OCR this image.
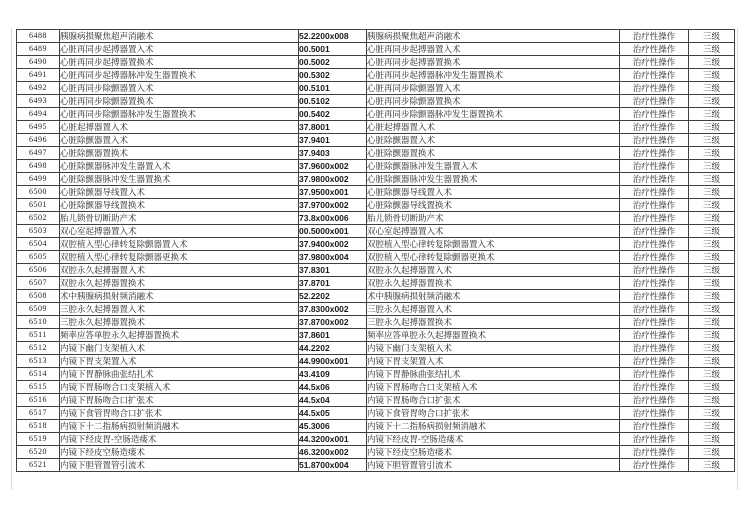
6488	胰腺病损聚焦超声消融术	52.2200x008	胰腺病损聚焦超声消融术	治疗性操作	三级
6489	心脏再同步起搏器置入术	00.5001	心脏再同步起搏器置入术	治疗性操作	三级
6490	心脏再同步起搏器置换术	00.5002	心脏再同步起搏器置换术	治疗性操作	三级
6491	心脏再同步起搏器脉冲发生器置换术	00.5302	心脏再同步起搏器脉冲发生器置换术	治疗性操作	三级
6492	心脏再同步除颤器置入术	00.5101	心脏再同步除颤器置入术	治疗性操作	三级
6493	心脏再同步除颤器置换术	00.5102	心脏再同步除颤器置换术	治疗性操作	三级
6494	心脏再同步除颤器脉冲发生器置换术	00.5402	心脏再同步除颤器脉冲发生器置换术	治疗性操作	三级
6495	心脏起搏器置入术	37.8001	心脏起搏器置入术	治疗性操作	三级
6496	心脏除颤器置入术	37.9401	心脏除颤器置入术	治疗性操作	三级
6497	心脏除颤器置换术	37.9403	心脏除颤器置换术	治疗性操作	三级
6498	心脏除颤器脉冲发生器置入术	37.9600x002	心脏除颤器脉冲发生器置入术	治疗性操作	三级
6499	心脏除颤器脉冲发生器置换术	37.9800x002	心脏除颤器脉冲发生器置换术	治疗性操作	三级
6500	心脏除颤器导线置入术	37.9500x001	心脏除颤器导线置入术	治疗性操作	三级
6501	心脏除颤器导线置换术	37.9700x002	心脏除颤器导线置换术	治疗性操作	三级
6502	胎儿锁骨切断助产术	73.8x00x006	胎儿锁骨切断助产术	治疗性操作	三级
6503	双心室起搏器置入术	00.5000x001	双心室起搏器置入术	治疗性操作	三级
6504	双腔植入型心律转复除颤器置入术	37.9400x002	双腔植入型心律转复除颤器置入术	治疗性操作	三级
6505	双腔植入型心律转复除颤器更换术	37.9800x004	双腔植入型心律转复除颤器更换术	治疗性操作	三级
6506	双腔永久起搏器置入术	37.8301	双腔永久起搏器置入术	治疗性操作	三级
6507	双腔永久起搏器置换术	37.8701	双腔永久起搏器置换术	治疗性操作	三级
6508	术中胰腺病损射频消融术	52.2202	术中胰腺病损射频消融术	治疗性操作	三级
6509	三腔永久起搏器置入术	37.8300x002	三腔永久起搏器置入术	治疗性操作	三级
6510	三腔永久起搏器置换术	37.8700x002	三腔永久起搏器置换术	治疗性操作	三级
6511	频率应答单腔永久起搏器置换术	37.8601	频率应答单腔永久起搏器置换术	治疗性操作	三级
6512	内镜下幽门支架植入术	44.2202	内镜下幽门支架植入术	治疗性操作	三级
6513	内镜下胃支架置入术	44.9900x001	内镜下胃支架置入术	治疗性操作	三级
6514	内镜下胃静脉曲张结扎术	43.4109	内镜下胃静脉曲张结扎术	治疗性操作	三级
6515	内镜下胃肠吻合口支架植入术	44.5x06	内镜下胃肠吻合口支架植入术	治疗性操作	三级
6516	内镜下胃肠吻合口扩张术	44.5x04	内镜下胃肠吻合口扩张术	治疗性操作	三级
6517	内镜下食管胃吻合口扩张术	44.5x05	内镜下食管胃吻合口扩张术	治疗性操作	三级
6518	内镜下十二指肠病损射频消融术	45.3006	内镜下十二指肠病损射频消融术	治疗性操作	三级
6519	内镜下经皮胃-空肠造瘘术	44.3200x001	内镜下经皮胃-空肠造瘘术	治疗性操作	三级
6520	内镜下经皮空肠造瘘术	46.3200x002	内镜下经皮空肠造瘘术	治疗性操作	三级
6521	内镜下胆管置管引流术	51.8700x004	内镜下胆管置管引流术	治疗性操作	三级
